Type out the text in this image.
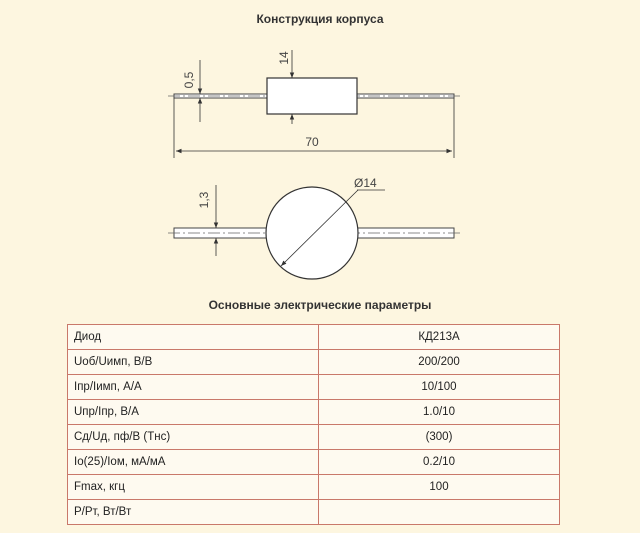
Конструкция корпуса
0,5
14
70
Ø14
1,3
Основные электрические параметры
Диод	КД213А
Uоб/Uимп, В/В	200/200
Iпр/Iимп, А/А	10/100
Uпр/Iпр, В/А	1.0/10
Сд/Uд, пф/В (Тнс)	(300)
Io(25)/Iом, мА/мА	0.2/10
Fmax, кгц	100
P/Pт, Вт/Вт	
